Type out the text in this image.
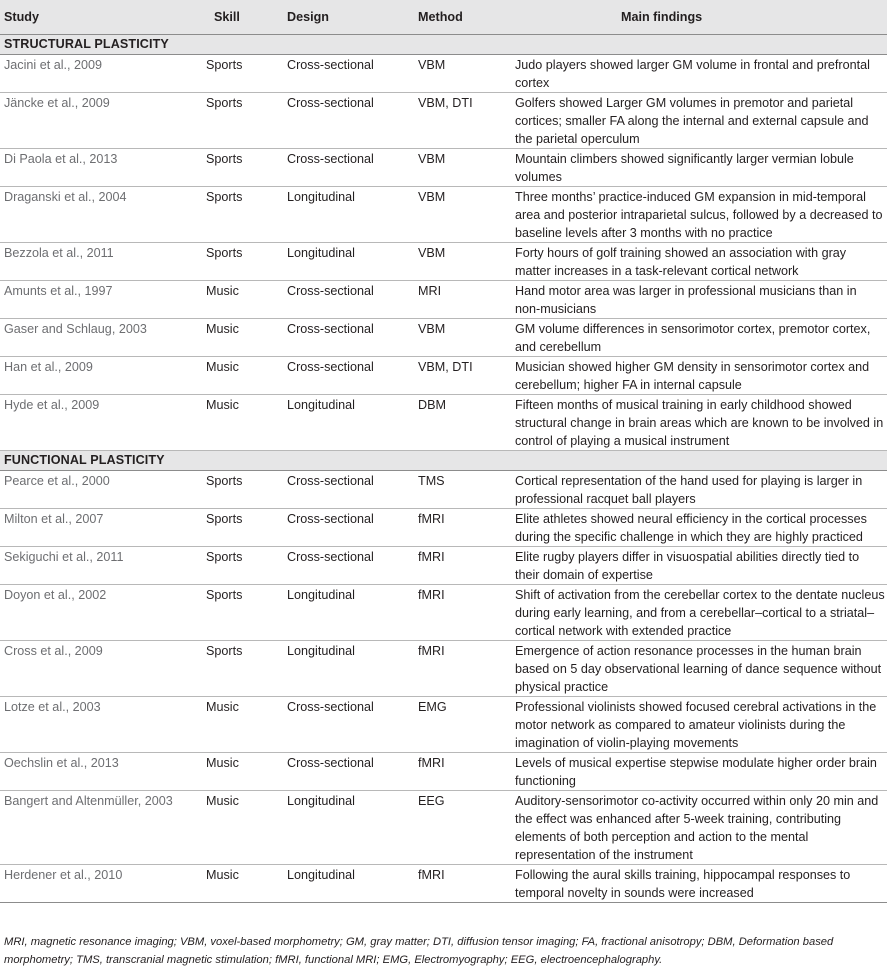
Study	Skill	Design	Method	Main findings
STRUCTURAL PLASTICITY				
Jacini et al., 2009	Sports	Cross-sectional	VBM	Judo players showed larger GM volume in frontal and prefrontal cortex
Jäncke et al., 2009	Sports	Cross-sectional	VBM, DTI	Golfers showed Larger GM volumes in premotor and parietal cortices; smaller FA along the internal and external capsule and the parietal operculum
Di Paola et al., 2013	Sports	Cross-sectional	VBM	Mountain climbers showed significantly larger vermian lobule volumes
Draganski et al., 2004	Sports	Longitudinal	VBM	Three months’ practice-induced GM expansion in mid-temporal area and posterior intraparietal sulcus, followed by a decreased to baseline levels after 3 months with no practice
Bezzola et al., 2011	Sports	Longitudinal	VBM	Forty hours of golf training showed an association with gray matter increases in a task-relevant cortical network
Amunts et al., 1997	Music	Cross-sectional	MRI	Hand motor area was larger in professional musicians than in non-musicians
Gaser and Schlaug, 2003	Music	Cross-sectional	VBM	GM volume differences in sensorimotor cortex, premotor cortex, and cerebellum
Han et al., 2009	Music	Cross-sectional	VBM, DTI	Musician showed higher GM density in sensorimotor cortex and cerebellum; higher FA in internal capsule
Hyde et al., 2009	Music	Longitudinal	DBM	Fifteen months of musical training in early childhood showed structural change in brain areas which are known to be involved in control of playing a musical instrument
FUNCTIONAL PLASTICITY				
Pearce et al., 2000	Sports	Cross-sectional	TMS	Cortical representation of the hand used for playing is larger in professional racquet ball players
Milton et al., 2007	Sports	Cross-sectional	fMRI	Elite athletes showed neural efficiency in the cortical processes during the specific challenge in which they are highly practiced
Sekiguchi et al., 2011	Sports	Cross-sectional	fMRI	Elite rugby players differ in visuospatial abilities directly tied to their domain of expertise
Doyon et al., 2002	Sports	Longitudinal	fMRI	Shift of activation from the cerebellar cortex to the dentate nucleus during early learning, and from a cerebellar–cortical to a striatal–cortical network with extended practice
Cross et al., 2009	Sports	Longitudinal	fMRI	Emergence of action resonance processes in the human brain based on 5 day observational learning of dance sequence without physical practice
Lotze et al., 2003	Music	Cross-sectional	EMG	Professional violinists showed focused cerebral activations in the motor network as compared to amateur violinists during the imagination of violin-playing movements
Oechslin et al., 2013	Music	Cross-sectional	fMRI	Levels of musical expertise stepwise modulate higher order brain functioning
Bangert and Altenmüller, 2003	Music	Longitudinal	EEG	Auditory-sensorimotor co-activity occurred within only 20 min and the effect was enhanced after 5-week training, contributing elements of both perception and action to the mental representation of the instrument
Herdener et al., 2010	Music	Longitudinal	fMRI	Following the aural skills training, hippocampal responses to temporal novelty in sounds were increased
MRI, magnetic resonance imaging; VBM, voxel-based morphometry; GM, gray matter; DTI, diffusion tensor imaging; FA, fractional anisotropy; DBM, Deformation based morphometry; TMS, transcranial magnetic stimulation; fMRI, functional MRI; EMG, Electromyography; EEG, electroencephalography.
